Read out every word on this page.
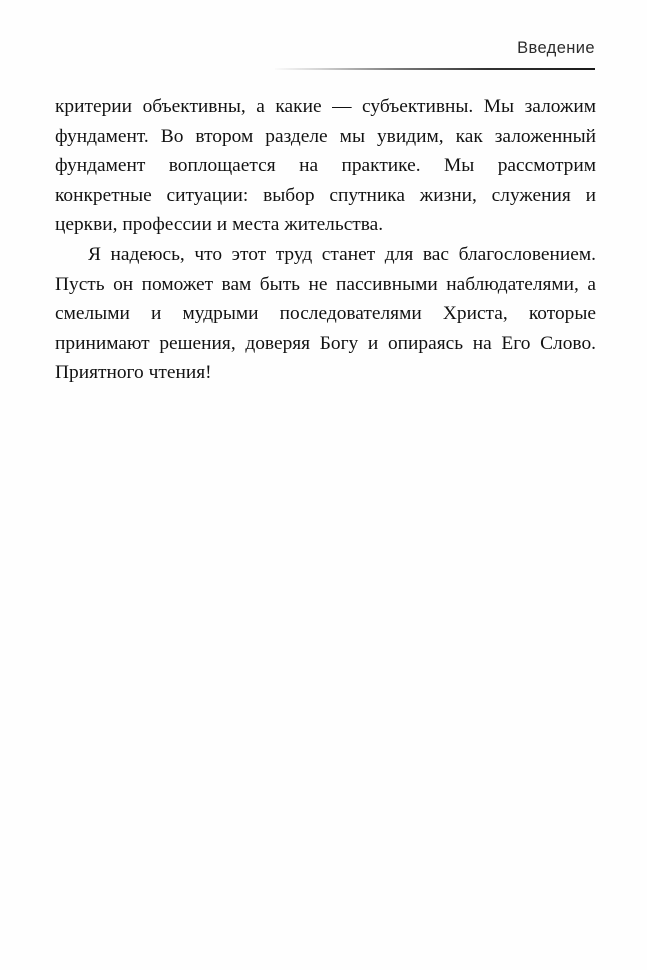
Введение

критерии объективны, а какие — субъективны. Мы заложим фундамент. Во втором разделе мы увидим, как заложенный фундамент воплощается на практике. Мы рассмотрим конкретные ситуации: выбор спутника жизни, служения и церкви, профессии и места жительства.

Я надеюсь, что этот труд станет для вас благословением. Пусть он поможет вам быть не пассивными наблюдателями, а смелыми и мудрыми последователями Христа, которые принимают решения, доверяя Богу и опираясь на Его Слово. Приятного чтения!
